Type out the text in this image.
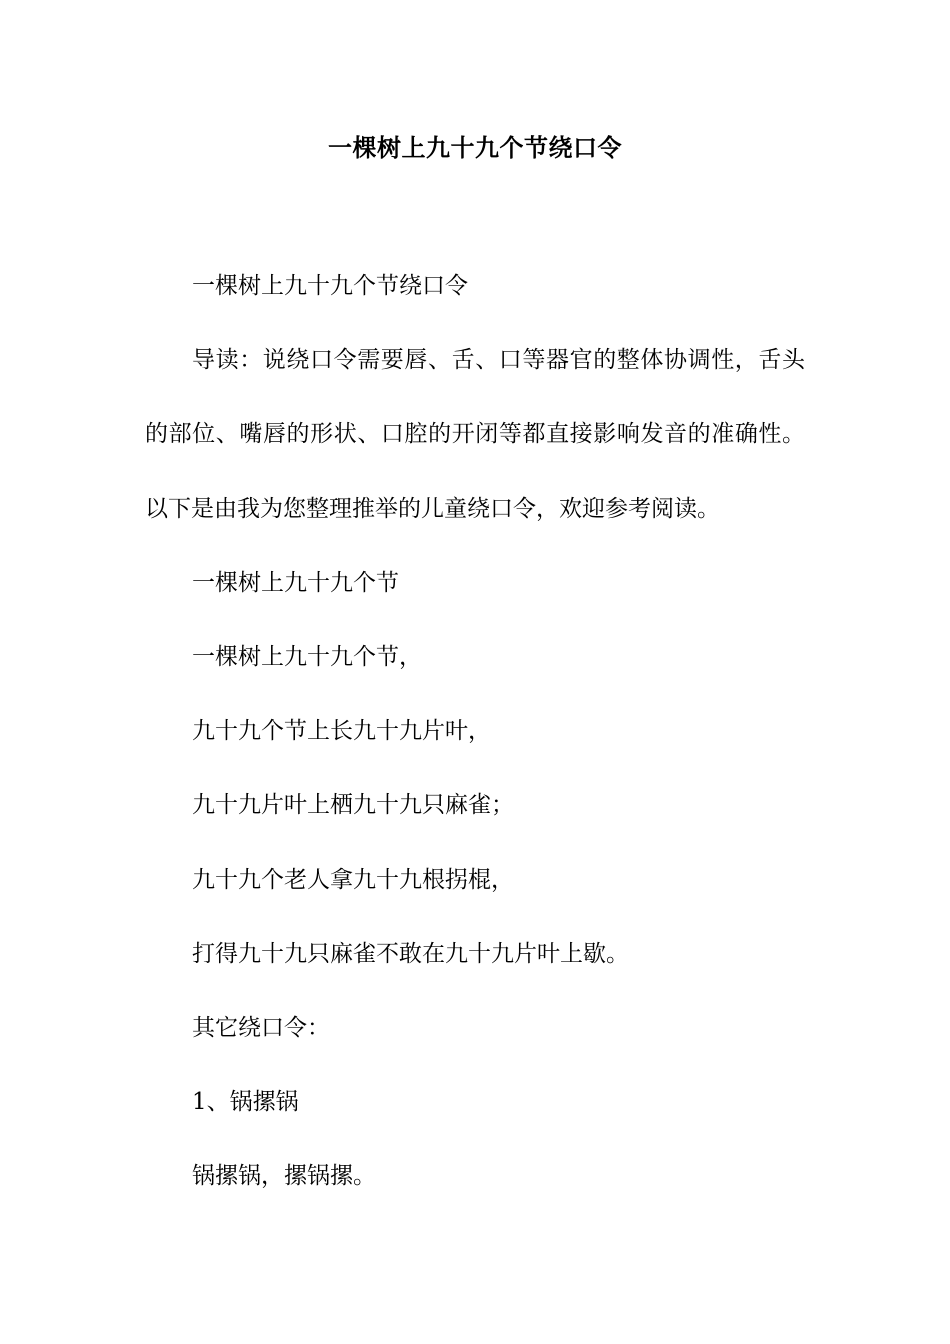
一棵树上九十九个节绕口令

一棵树上九十九个节绕口令

导读：说绕口令需要唇、舌、口等器官的整体协调性，舌头的部位、嘴唇的形状、口腔的开闭等都直接影响发音的准确性。以下是由我为您整理推举的儿童绕口令，欢迎参考阅读。

一棵树上九十九个节

一棵树上九十九个节，

九十九个节上长九十九片叶，

九十九片叶上栖九十九只麻雀；

九十九个老人拿九十九根拐棍，

打得九十九只麻雀不敢在九十九片叶上歇。

其它绕口令：

1、锅摞锅

锅摞锅，摞锅摞。
